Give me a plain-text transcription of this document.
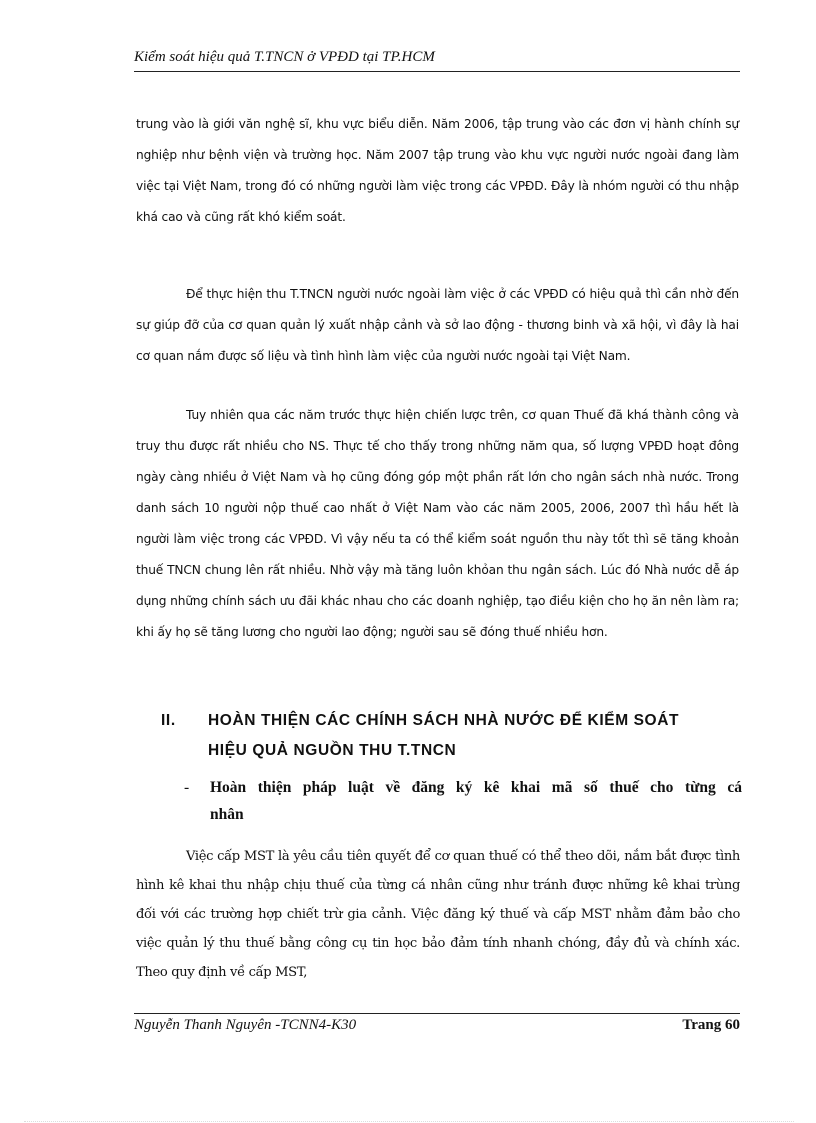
Kiểm soát hiệu quả T.TNCN ở VPĐD tại TP.HCM

trung vào là giới văn nghệ sĩ, khu vực biểu diễn. Năm 2006, tập trung vào các đơn vị hành chính sự nghiệp như bệnh viện và trường học. Năm 2007 tập trung vào khu vực người nước ngoài đang làm việc tại Việt Nam, trong đó có những người làm việc trong các VPĐD. Đây là nhóm người có thu nhập khá cao và cũng rất khó kiểm soát.

Để thực hiện thu T.TNCN người nước ngoài làm việc ở các VPĐD có hiệu quả thì cần nhờ đến sự giúp đỡ của cơ quan quản lý xuất nhập cảnh và sở lao động - thương binh và xã hội, vì đây là hai cơ quan nắm được số liệu và tình hình làm việc của người nước ngoài tại Việt Nam.

Tuy nhiên qua các năm trước thực hiện chiến lược trên, cơ quan Thuế đã khá thành công và truy thu được rất nhiều cho NS. Thực tế cho thấy trong những năm qua, số lượng VPĐD hoạt đông ngày càng nhiều ở Việt Nam và họ cũng đóng góp một phần rất lớn cho ngân sách nhà nước. Trong danh sách 10 người nộp thuế cao nhất ở Việt Nam vào các năm 2005, 2006, 2007 thì hầu hết là người làm việc trong các VPĐD. Vì vậy nếu ta có thể kiểm soát nguồn thu này tốt thì sẽ tăng khoản thuế TNCN chung lên rất nhiều. Nhờ vậy mà tăng luôn khỏan thu ngân sách. Lúc đó Nhà nước dễ áp dụng những chính sách ưu đãi khác nhau cho các doanh nghiệp, tạo điều kiện cho họ ăn nên làm ra; khi ấy họ sẽ tăng lương cho người lao động; người sau sẽ đóng thuế nhiều hơn.

II. HOÀN THIỆN CÁC CHÍNH SÁCH NHÀ NƯỚC ĐỂ KIỂM SOÁT
HIỆU QUẢ NGUỒN THU T.TNCN
-	Hoàn thiện pháp luật về đăng ký kê khai mã số thuế cho từng cá
nhân

Việc cấp MST là yêu cầu tiên quyết để cơ quan thuế có thể theo dõi, nắm bắt được tình hình kê khai thu nhập chịu thuế của từng cá nhân cũng như tránh được những kê khai trùng đối với các trường hợp chiết trừ gia cảnh. Việc đăng ký thuế và cấp MST nhằm đảm bảo cho việc quản lý thu thuế bằng công cụ tin học bảo đảm tính nhanh chóng, đầy đủ và chính xác. Theo quy định về cấp MST,

Nguyễn Thanh Nguyên -TCNN4-K30	Trang 60
